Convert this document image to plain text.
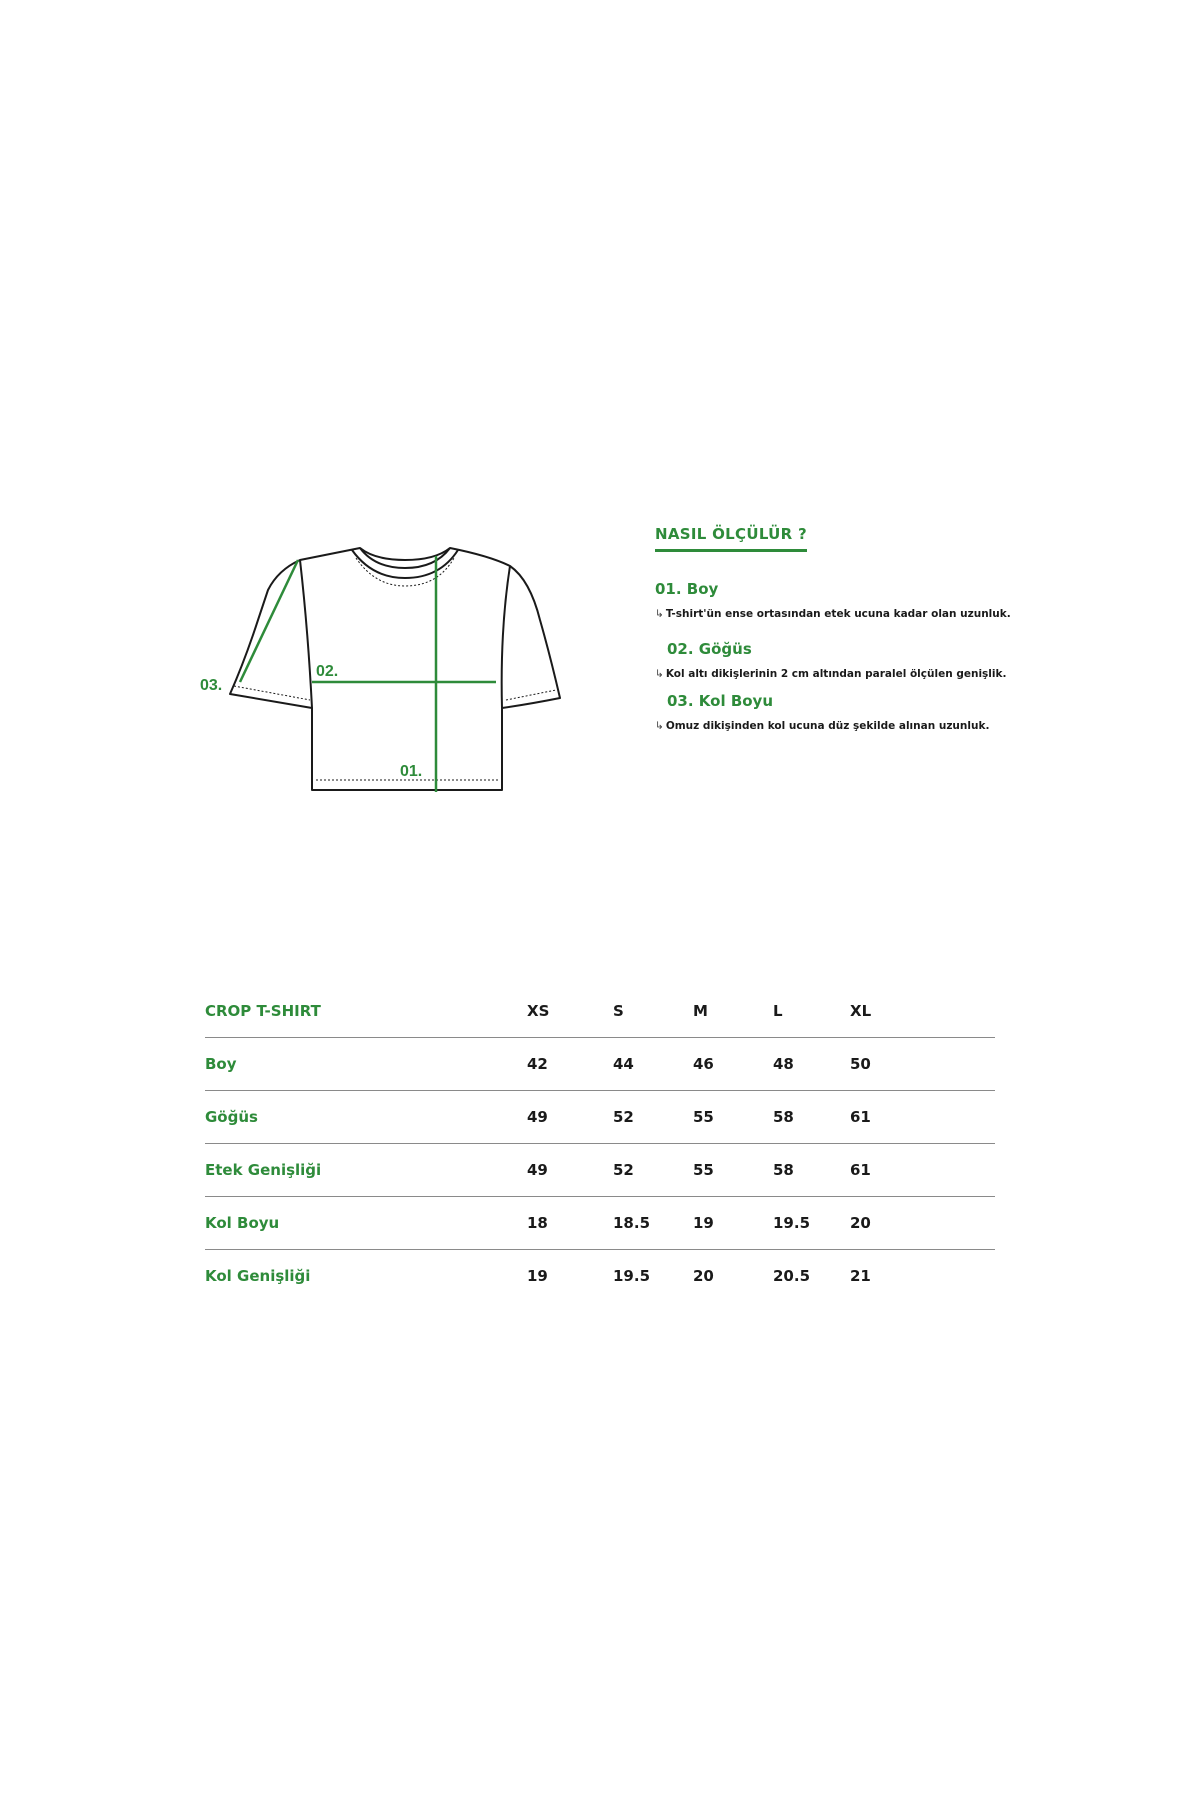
01.
02.
03.
NASIL ÖLÇÜLÜR ?
01. Boy
↳ T-shirt'ün ense ortasından etek ucuna kadar olan uzunluk.
02. Göğüs
↳ Kol altı dikişlerinin 2 cm altından paralel ölçülen genişlik.
03. Kol Boyu
↳ Omuz dikişinden kol ucuna düz şekilde alınan uzunluk.
CROP T-SHIRT	XS	S	M	L	XL
Boy	42	44	46	48	50
Göğüs	49	52	55	58	61
Etek Genişliği	49	52	55	58	61
Kol Boyu	18	18.5	19	19.5	20
Kol Genişliği	19	19.5	20	20.5	21
